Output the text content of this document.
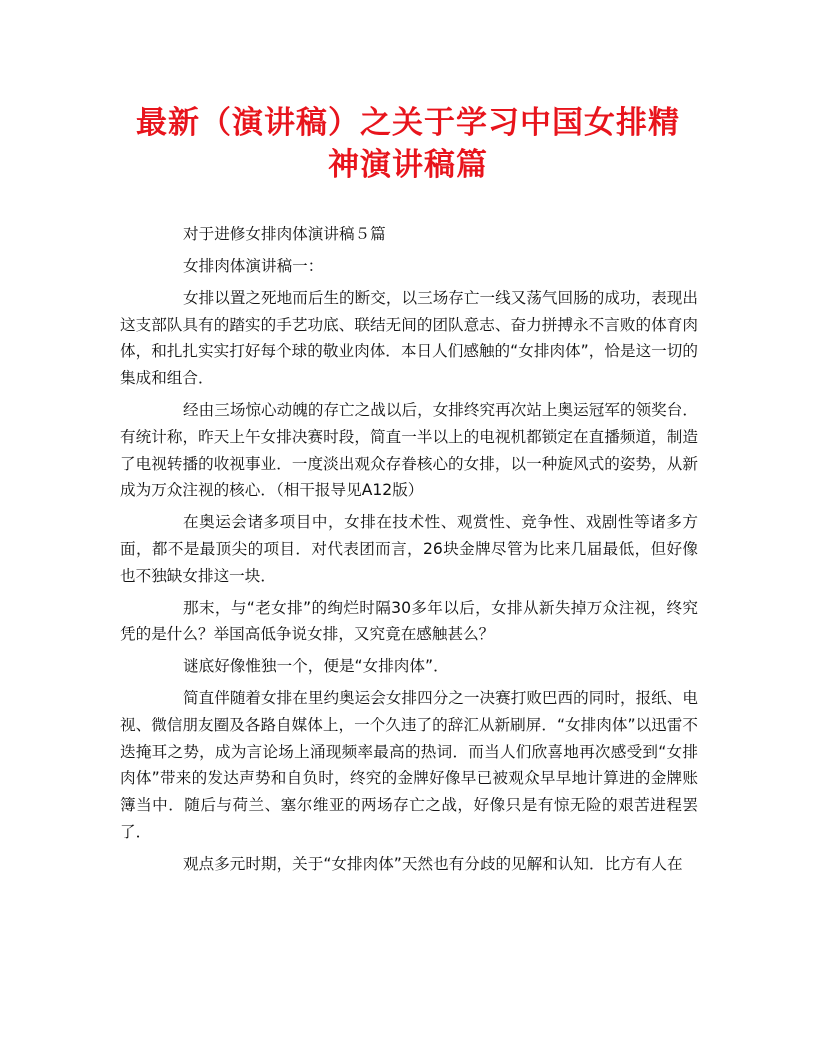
最新（演讲稿）之关于学习中国女排精
神演讲稿篇

对于进修女排肉体演讲稿５篇

女排肉体演讲稿一：

女排以置之死地而后生的断交，以三场存亡一线又荡气回肠的成功，表现出这支部队具有的踏实的手艺功底、联结无间的团队意志、奋力拼搏永不言败的体育肉体，和扎扎实实打好每个球的敬业肉体．本日人们感触的“女排肉体”，恰是这一切的集成和组合．

经由三场惊心动魄的存亡之战以后，女排终究再次站上奥运冠军的领奖台．有统计称，昨天上午女排决赛时段，简直一半以上的电视机都锁定在直播频道，制造了电视转播的收视事业．一度淡出观众存眷核心的女排，以一种旋风式的姿势，从新成为万众注视的核心．（相干报导见A12版）

在奥运会诸多项目中，女排在技术性、观赏性、竞争性、戏剧性等诸多方面，都不是最顶尖的项目．对代表团而言，26块金牌尽管为比来几届最低，但好像也不独缺女排这一块．

那末，与“老女排”的绚烂时隔30多年以后，女排从新失掉万众注视，终究凭的是什么？举国高低争说女排，又究竟在感触甚么？

谜底好像惟独一个，便是“女排肉体”．

简直伴随着女排在里约奥运会女排四分之一决赛打败巴西的同时，报纸、电视、微信朋友圈及各路自媒体上，一个久违了的辞汇从新刷屏．“女排肉体”以迅雷不迭掩耳之势，成为言论场上涌现频率最高的热词．而当人们欣喜地再次感受到“女排肉体”带来的发达声势和自负时，终究的金牌好像早已被观众早早地计算进的金牌账簿当中．随后与荷兰、塞尔维亚的两场存亡之战，好像只是有惊无险的艰苦进程罢了．

观点多元时期，关于“女排肉体”天然也有分歧的见解和认知．比方有人在
